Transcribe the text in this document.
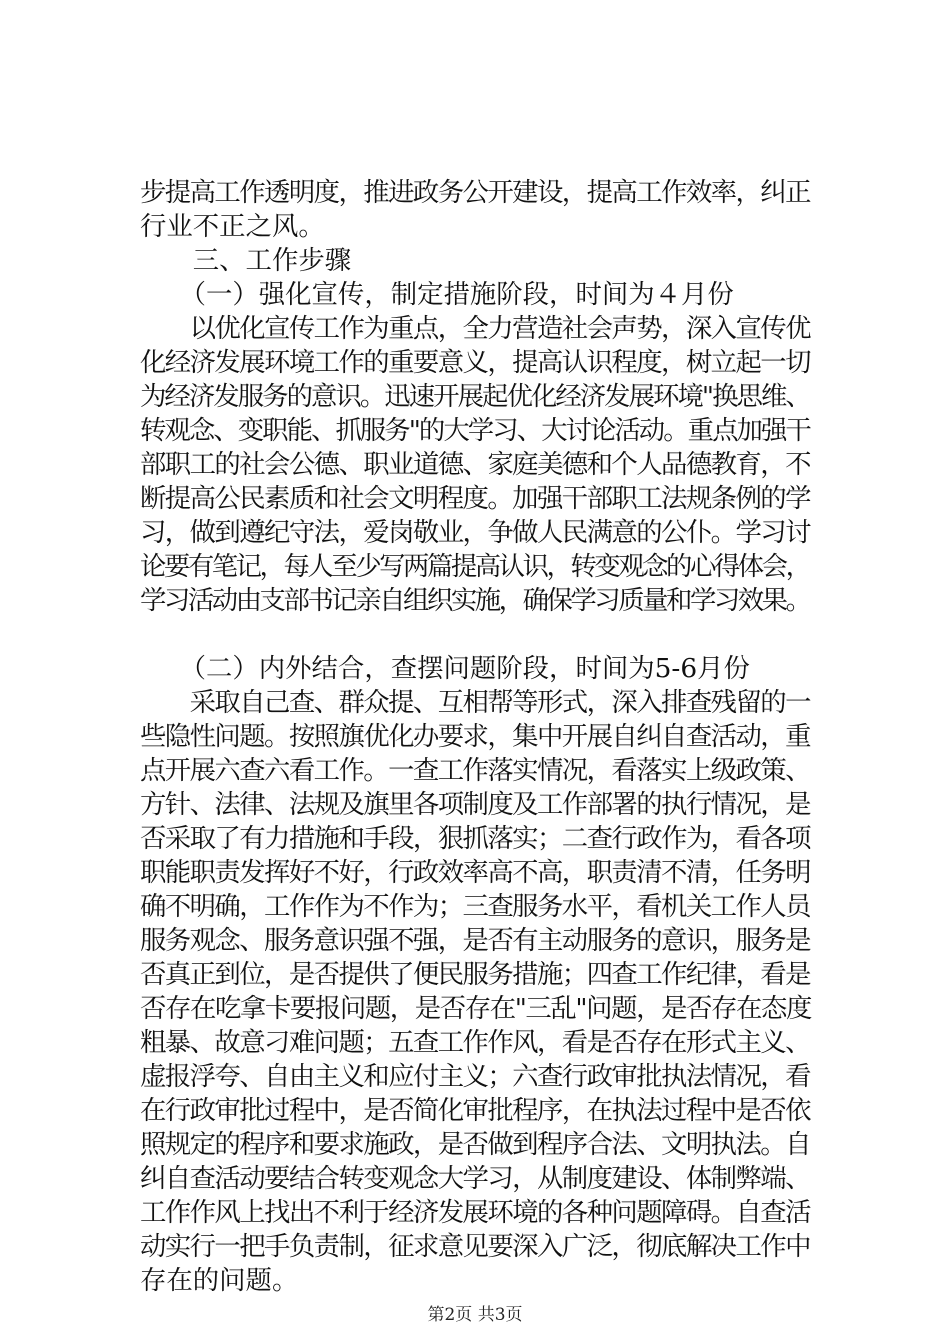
步提高工作透明度，推进政务公开建设，提高工作效率，纠正

行业不正之风。

　　三、工作步骤

　　（一）强化宣传，制定措施阶段，时间为４月份

　　以优化宣传工作为重点，全力营造社会声势，深入宣传优

化经济发展环境工作的重要意义，提高认识程度，树立起一切

为经济发服务的意识。迅速开展起优化经济发展环境"换思维、

转观念、变职能、抓服务"的大学习、大讨论活动。重点加强干

部职工的社会公德、职业道德、家庭美德和个人品德教育，不

断提高公民素质和社会文明程度。加强干部职工法规条例的学

习，做到遵纪守法，爱岗敬业，争做人民满意的公仆。学习讨

论要有笔记，每人至少写两篇提高认识，转变观念的心得体会，

学习活动由支部书记亲自组织实施，确保学习质量和学习效果。

　　（二）内外结合，查摆问题阶段，时间为5-6月份

　　采取自己查、群众提、互相帮等形式，深入排查残留的一

些隐性问题。按照旗优化办要求，集中开展自纠自查活动，重

点开展六查六看工作。一查工作落实情况，看落实上级政策、

方针、法律、法规及旗里各项制度及工作部署的执行情况，是

否采取了有力措施和手段，狠抓落实；二查行政作为，看各项

职能职责发挥好不好，行政效率高不高，职责清不清，任务明

确不明确，工作作为不作为；三查服务水平，看机关工作人员

服务观念、服务意识强不强，是否有主动服务的意识，服务是

否真正到位，是否提供了便民服务措施；四查工作纪律，看是

否存在吃拿卡要报问题，是否存在"三乱"问题，是否存在态度

粗暴、故意刁难问题；五查工作作风，看是否存在形式主义、

虚报浮夸、自由主义和应付主义；六查行政审批执法情况，看

在行政审批过程中，是否简化审批程序，在执法过程中是否依

照规定的程序和要求施政，是否做到程序合法、文明执法。自

纠自查活动要结合转变观念大学习，从制度建设、体制弊端、

工作作风上找出不利于经济发展环境的各种问题障碍。自查活

动实行一把手负责制，征求意见要深入广泛，彻底解决工作中

存在的问题。

第2页 共3页
